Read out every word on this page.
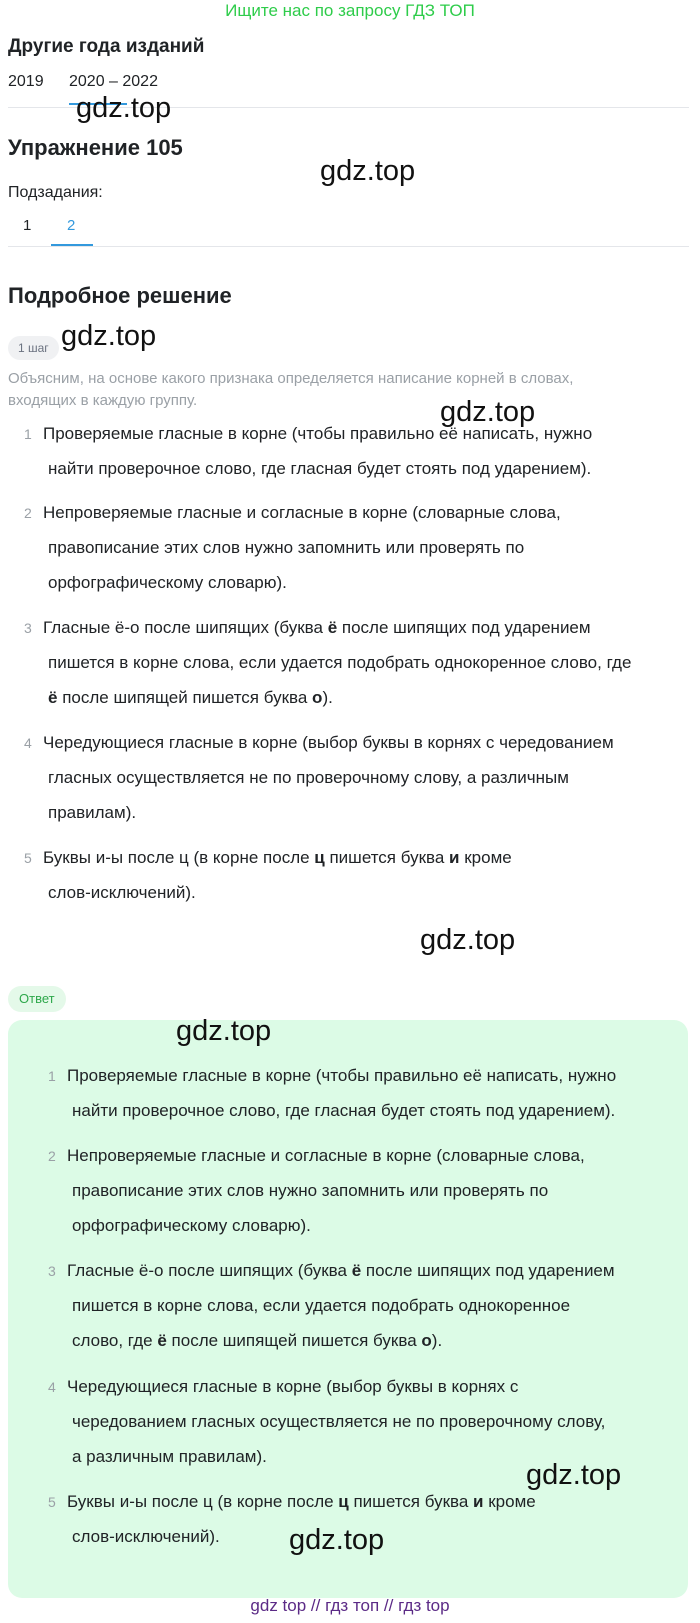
Ищите нас по запросу ГДЗ ТОП
Другие года изданий
2019 2020 – 2022
Упражнение 105
Подзадания:
1 2
Подробное решение
1 шаг
Объясним, на основе какого признака определяется написание корней в словах,
входящих в каждую группу.
1 Проверяемые гласные в корне (чтобы правильно её написать, нужно
найти проверочное слово, где гласная будет стоять под ударением).
2 Непроверяемые гласные и согласные в корне (словарные слова,
правописание этих слов нужно запомнить или проверять по
орфографическому словарю).
3 Гласные ё-о после шипящих (буква ё после шипящих под ударением
пишется в корне слова, если удается подобрать однокоренное слово, где
ё после шипящей пишется буква о).
4 Чередующиеся гласные в корне (выбор буквы в корнях с чередованием
гласных осуществляется не по проверочному слову, а различным
правилам).
5 Буквы и-ы после ц (в корне после ц пишется буква и кроме
слов-исключений).
Ответ
1 Проверяемые гласные в корне (чтобы правильно её написать, нужно
найти проверочное слово, где гласная будет стоять под ударением).
2 Непроверяемые гласные и согласные в корне (словарные слова,
правописание этих слов нужно запомнить или проверять по
орфографическому словарю).
3 Гласные ё-о после шипящих (буква ё после шипящих под ударением
пишется в корне слова, если удается подобрать однокоренное
слово, где ё после шипящей пишется буква о).
4 Чередующиеся гласные в корне (выбор буквы в корнях с
чередованием гласных осуществляется не по проверочному слову,
а различным правилам).
5 Буквы и-ы после ц (в корне после ц пишется буква и кроме
слов-исключений).
gdz.top
gdz.top
gdz.top
gdz.top
gdz.top
gdz.top
gdz.top
gdz.top
gdz top // гдз топ // гдз top
